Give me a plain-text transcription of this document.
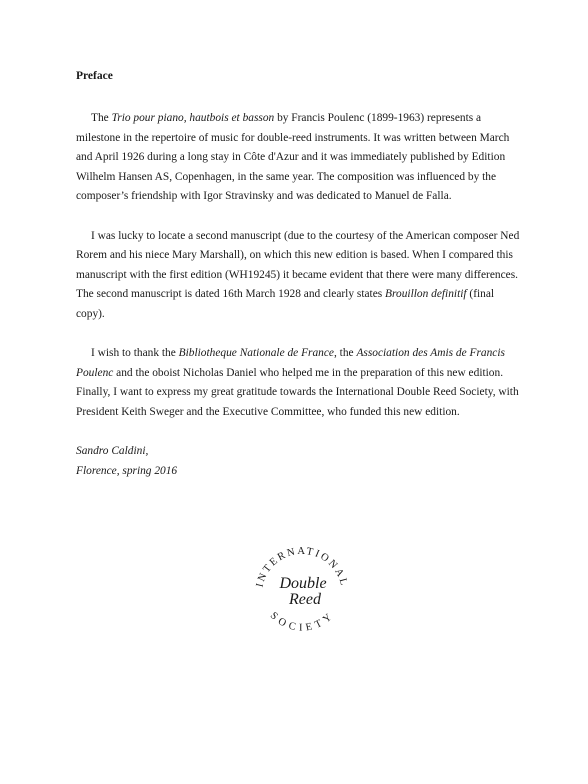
Preface

The Trio pour piano, hautbois et basson by Francis Poulenc (1899-1963) represents a milestone in the repertoire of music for double-reed instruments. It was written between March and April 1926 during a long stay in Côte d'Azur and it was immediately published by Edition Wilhelm Hansen AS, Copenhagen, in the same year. The composition was influenced by the composer’s friendship with Igor Stravinsky and was dedicated to Manuel de Falla.

I was lucky to locate a second manuscript (due to the courtesy of the American composer Ned Rorem and his niece Mary Marshall), on which this new edition is based. When I compared this manuscript with the first edition (WH19245) it became evident that there were many differences. The second manuscript is dated 16th March 1928 and clearly states Brouillon definitif (final copy).

I wish to thank the Bibliotheque Nationale de France, the Association des Amis de Francis Poulenc and the oboist Nicholas Daniel who helped me in the preparation of this new edition. Finally, I want to express my great gratitude towards the International Double Reed Society, with President Keith Sweger and the Executive Committee, who funded this new edition.

Sandro Caldini,
Florence, spring 2016
INTERNATIONAL
SOCIETY
Double
Reed
